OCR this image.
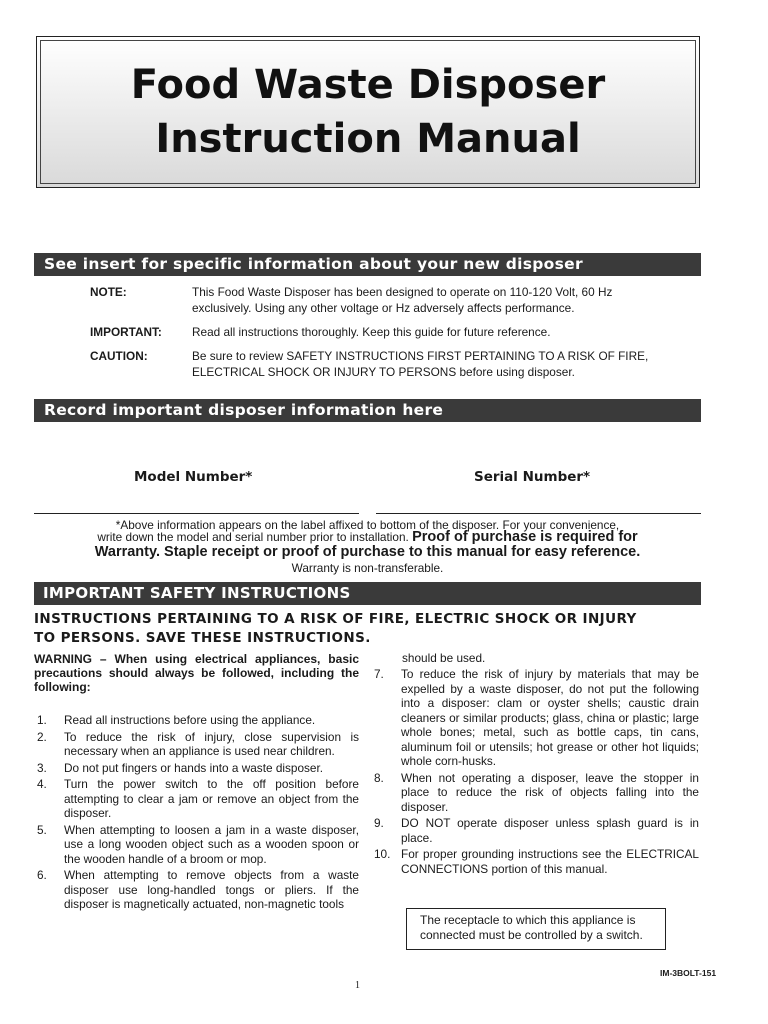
Food Waste Disposer
Instruction Manual
See insert for specific information about your new disposer
NOTE:	This Food Waste Disposer has been designed to operate on 110-120 Volt, 60 Hz exclusively. Using any other voltage or Hz adversely affects performance.
IMPORTANT:	Read all instructions thoroughly. Keep this guide for future reference.
CAUTION:	Be sure to review SAFETY INSTRUCTIONS FIRST PERTAINING TO A RISK OF FIRE, ELECTRICAL SHOCK OR INJURY TO PERSONS before using disposer.
Record important disposer information here
Model Number*	Serial Number*
*Above information appears on the label affixed to bottom of the disposer. For your convenience,
write down the model and serial number prior to installation. Proof of purchase is required for
Warranty. Staple receipt or proof of purchase to this manual for easy reference.
Warranty is non-transferable.
IMPORTANT SAFETY INSTRUCTIONS
INSTRUCTIONS PERTAINING TO A RISK OF FIRE, ELECTRIC SHOCK OR INJURY
TO PERSONS. SAVE THESE INSTRUCTIONS.
WARNING – When using electrical appliances, basic precautions should always be followed, including the following:
1. Read all instructions before using the appliance.
2. To reduce the risk of injury, close supervision is necessary when an appliance is used near children.
3. Do not put fingers or hands into a waste disposer.
4. Turn the power switch to the off position before attempting to clear a jam or remove an object from the disposer.
5. When attempting to loosen a jam in a waste disposer, use a long wooden object such as a wooden spoon or the wooden handle of a broom or mop.
6. When attempting to remove objects from a waste disposer use long-handled tongs or pliers. If the disposer is magnetically actuated, non-magnetic tools
should be used.
7. To reduce the risk of injury by materials that may be expelled by a waste disposer, do not put the following into a disposer: clam or oyster shells; caustic drain cleaners or similar products; glass, china or plastic; large whole bones; metal, such as bottle caps, tin cans, aluminum foil or utensils; hot grease or other hot liquids; whole corn-husks.
8. When not operating a disposer, leave the stopper in place to reduce the risk of objects falling into the disposer.
9. DO NOT operate disposer unless splash guard is in place.
10. For proper grounding instructions see the ELECTRICAL CONNECTIONS portion of this manual.
The receptacle to which this appliance is connected must be controlled by a switch.
1
IM-3BOLT-151
